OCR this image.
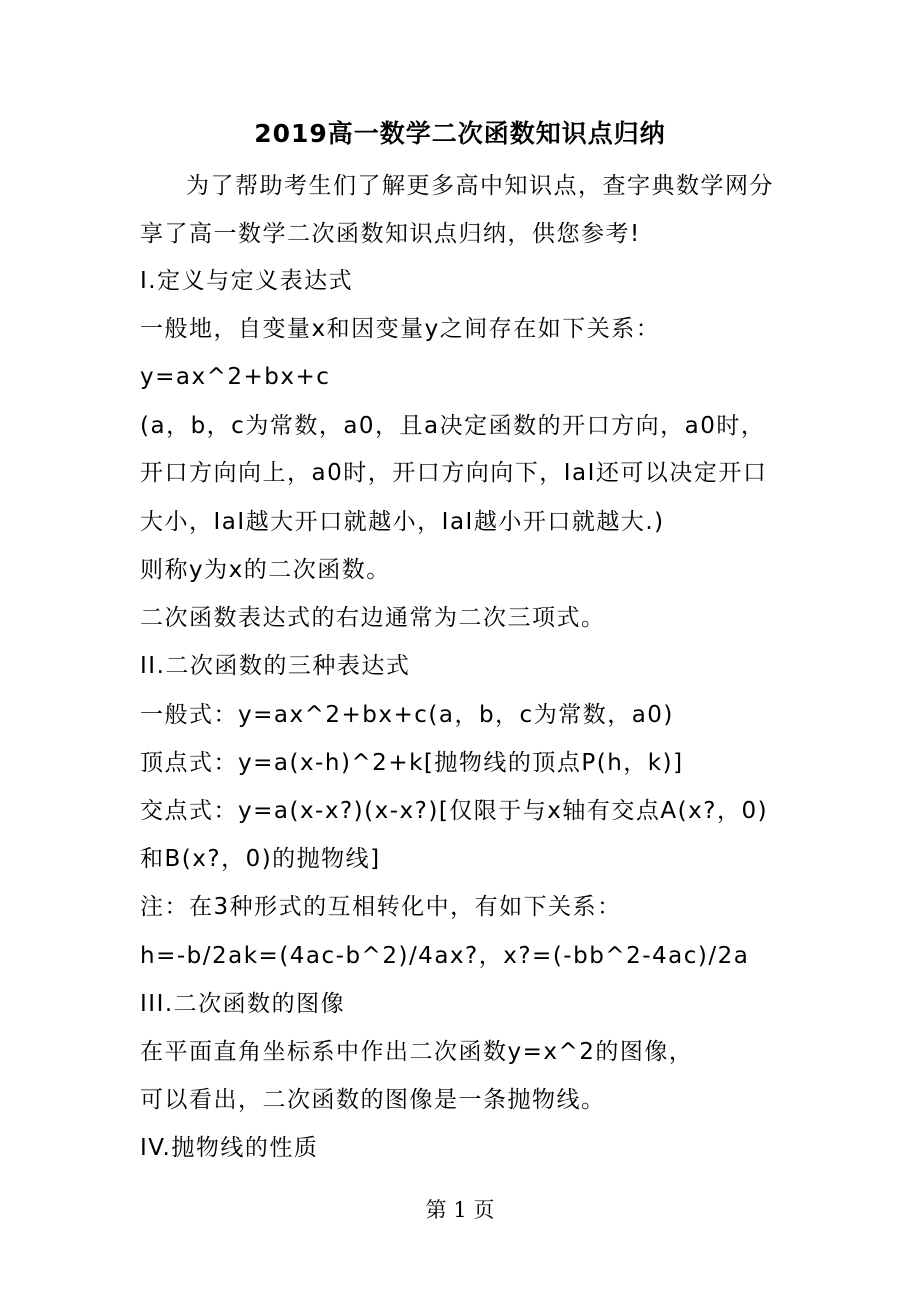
2019高一数学二次函数知识点归纳
为了帮助考生们了解更多高中知识点，查字典数学网分
享了高一数学二次函数知识点归纳，供您参考!
I.定义与定义表达式
一般地，自变量x和因变量y之间存在如下关系：
y=ax^2+bx+c
(a，b，c为常数，a0，且a决定函数的开口方向，a0时，
开口方向向上，a0时，开口方向向下，IaI还可以决定开口
大小，IaI越大开口就越小，IaI越小开口就越大.)
则称y为x的二次函数。
二次函数表达式的右边通常为二次三项式。
II.二次函数的三种表达式
一般式：y=ax^2+bx+c(a，b，c为常数，a0)
顶点式：y=a(x-h)^2+k[抛物线的顶点P(h，k)]
交点式：y=a(x-x?)(x-x?)[仅限于与x轴有交点A(x?，0)
和B(x?，0)的抛物线]
注：在3种形式的互相转化中，有如下关系：
h=-b/2ak=(4ac-b^2)/4ax?，x?=(-bb^2-4ac)/2a
III.二次函数的图像
在平面直角坐标系中作出二次函数y=x^2的图像，
可以看出，二次函数的图像是一条抛物线。
IV.抛物线的性质
第 1 页
